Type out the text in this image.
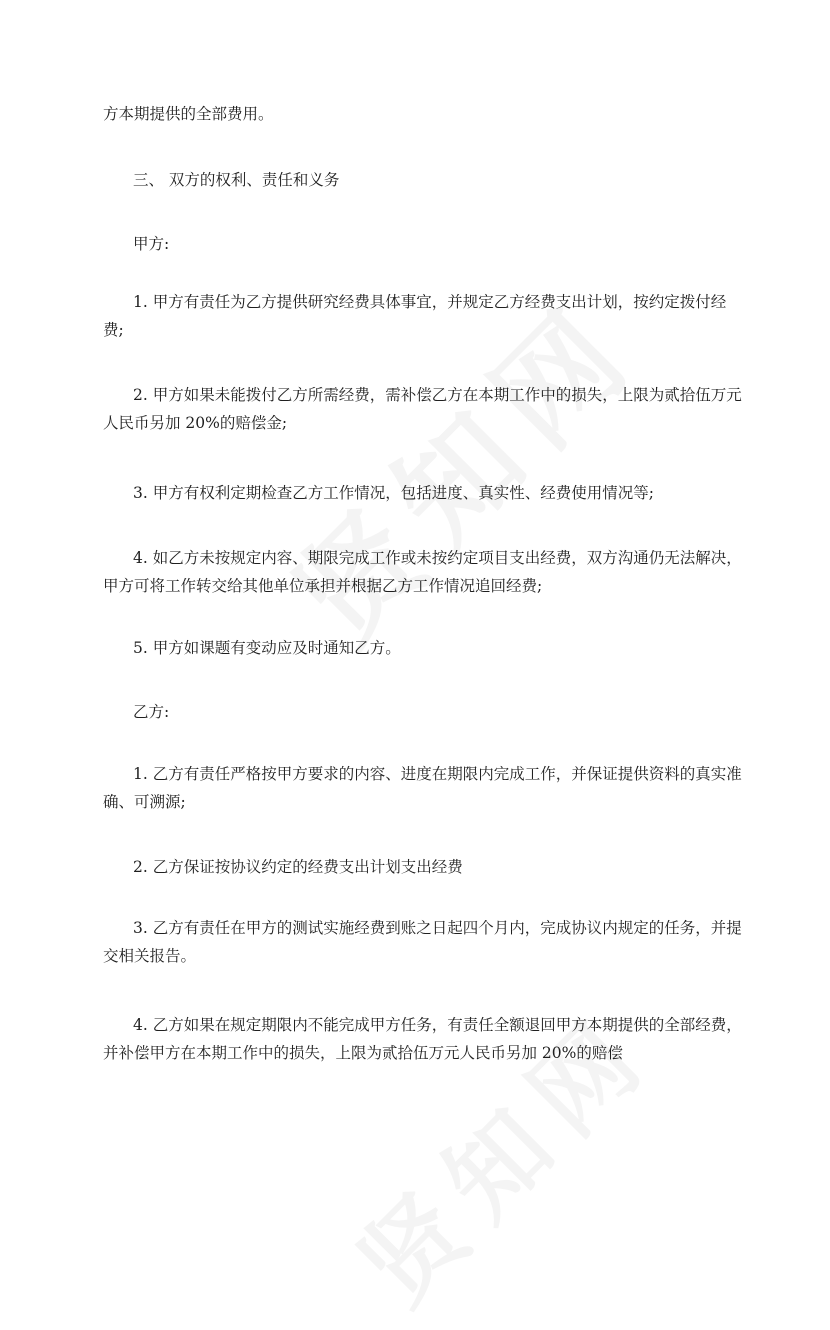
方本期提供的全部费用。

三、 双方的权利、责任和义务

甲方:

1. 甲方有责任为乙方提供研究经费具体事宜，并规定乙方经费支出计划，按约定拨付经费;

2. 甲方如果未能拨付乙方所需经费，需补偿乙方在本期工作中的损失，上限为贰拾伍万元人民币另加 20%的赔偿金;

3. 甲方有权利定期检查乙方工作情况，包括进度、真实性、经费使用情况等;

4. 如乙方未按规定内容、期限完成工作或未按约定项目支出经费，双方沟通仍无法解决，甲方可将工作转交给其他单位承担并根据乙方工作情况追回经费;

5. 甲方如课题有变动应及时通知乙方。

乙方:

1. 乙方有责任严格按甲方要求的内容、进度在期限内完成工作，并保证提供资料的真实准确、可溯源;

2. 乙方保证按协议约定的经费支出计划支出经费

3. 乙方有责任在甲方的测试实施经费到账之日起四个月内，完成协议内规定的任务，并提交相关报告。

4. 乙方如果在规定期限内不能完成甲方任务，有责任全额退回甲方本期提供的全部经费，并补偿甲方在本期工作中的损失，上限为贰拾伍万元人民币另加 20%的赔偿
